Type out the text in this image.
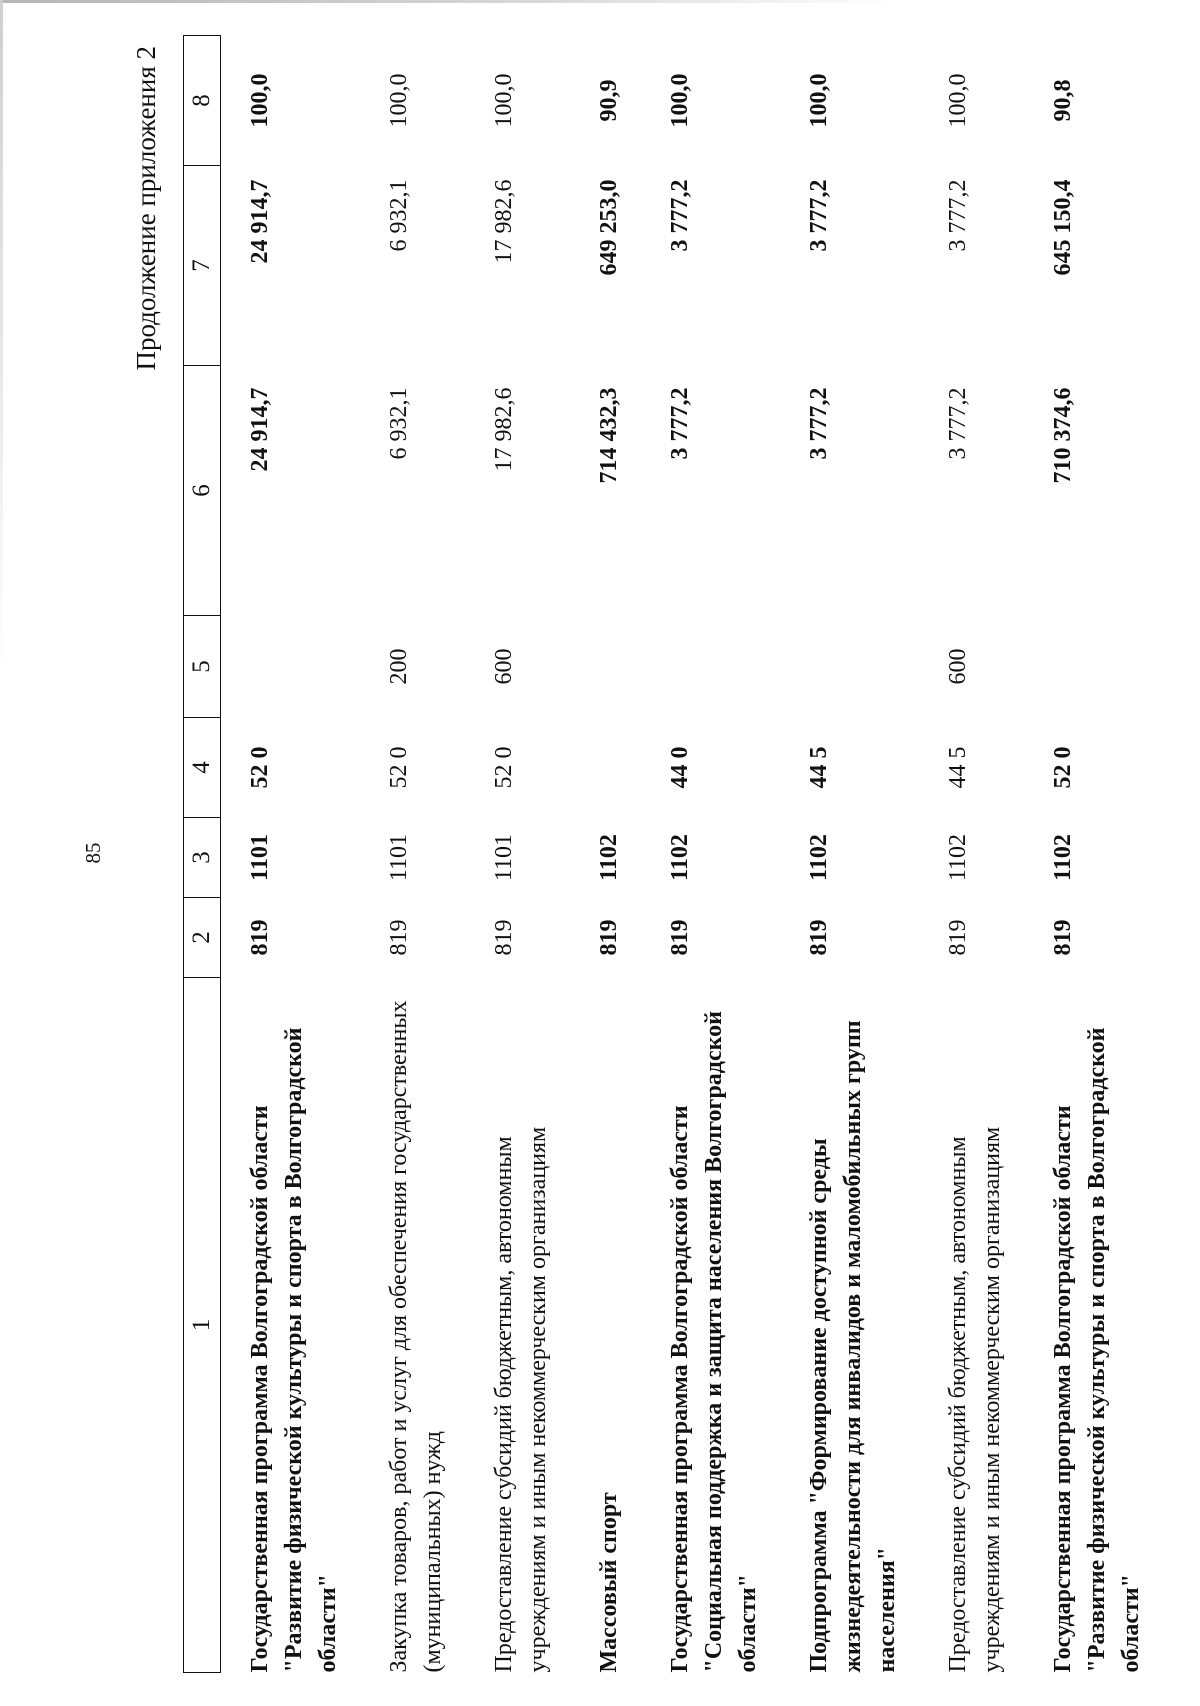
85
Продолжение приложения 2
1	2	3	4	5	6	7	8
Государственная программа Волгоградской области "Развитие физической культуры и спорта в Волгоградской области"	819	1101	52 0		24 914,7	24 914,7	100,0
Закупка товаров, работ и услуг для обеспечения государственных (муниципальных) нужд	819	1101	52 0	200	6 932,1	6 932,1	100,0
Предоставление субсидий бюджетным, автономным учреждениям и иным некоммерческим организациям	819	1101	52 0	600	17 982,6	17 982,6	100,0
Массовый спорт	819	1102			714 432,3	649 253,0	90,9
Государственная программа Волгоградской области "Социальная поддержка и защита населения Волгоградской области"	819	1102	44 0		3 777,2	3 777,2	100,0
Подпрограмма "Формирование доступной среды жизнедеятельности для инвалидов и маломобильных групп населения"	819	1102	44 5		3 777,2	3 777,2	100,0
Предоставление субсидий бюджетным, автономным учреждениям и иным некоммерческим организациям	819	1102	44 5	600	3 777,2	3 777,2	100,0
Государственная программа Волгоградской области "Развитие физической культуры и спорта в Волгоградской области"	819	1102	52 0		710 374,6	645 150,4	90,8
